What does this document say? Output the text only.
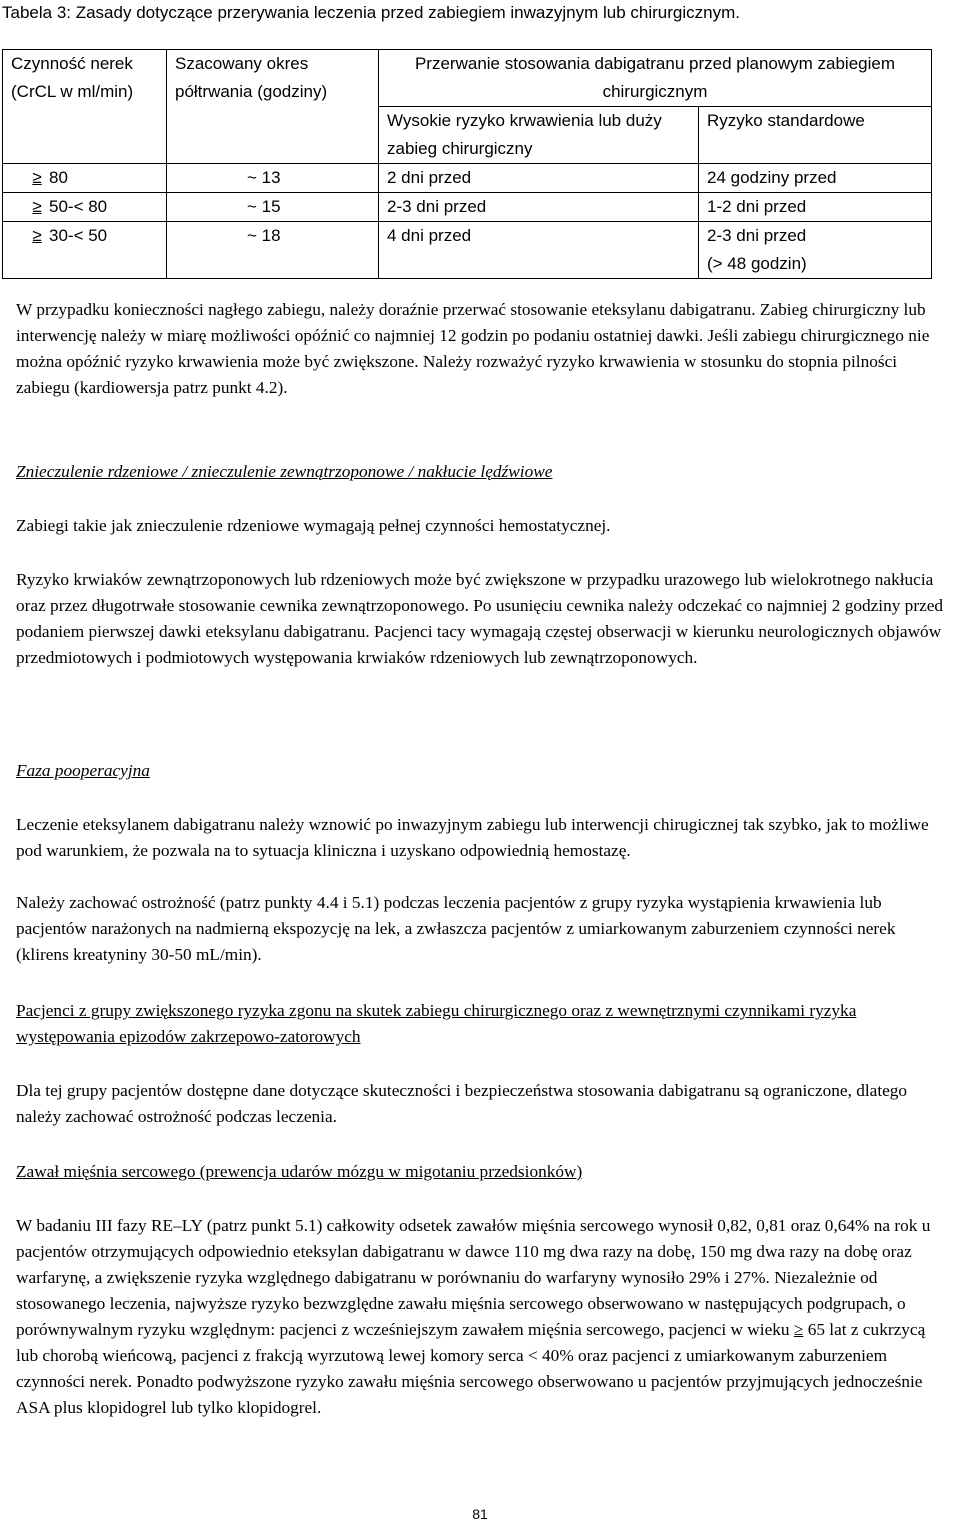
Tabela 3: Zasady dotyczące przerywania leczenia przed zabiegiem inwazyjnym lub chirurgicznym.
Czynność nerek (CrCL w ml/min)	Szacowany okres półtrwania (godziny)	Przerwanie stosowania dabigatranu przed planowym zabiegiem chirurgicznym	
		Wysokie ryzyko krwawienia lub duży zabieg chirurgiczny	Ryzyko standardowe
≥ 80	~ 13	2 dni przed	24 godziny przed
≥ 50-< 80	~ 15	2-3 dni przed	1-2 dni przed
≥ 30-< 50	~ 18	4 dni przed	2-3 dni przed
(> 48 godzin)
W przypadku konieczności nagłego zabiegu, należy doraźnie przerwać stosowanie eteksylanu dabigatranu. Zabieg chirurgiczny lub interwencję należy w miarę możliwości opóźnić co najmniej 12 godzin po podaniu ostatniej dawki. Jeśli zabiegu chirurgicznego nie można opóźnić ryzyko krwawienia może być zwiększone. Należy rozważyć ryzyko krwawienia w stosunku do stopnia pilności zabiegu (kardiowersja patrz punkt 4.2).
Znieczulenie rdzeniowe / znieczulenie zewnątrzoponowe / nakłucie lędźwiowe
Zabiegi takie jak znieczulenie rdzeniowe wymagają pełnej czynności hemostatycznej.
Ryzyko krwiaków zewnątrzoponowych lub rdzeniowych może być zwiększone w przypadku urazowego lub wielokrotnego nakłucia oraz przez długotrwałe stosowanie cewnika zewnątrzoponowego. Po usunięciu cewnika należy odczekać co najmniej 2 godziny przed podaniem pierwszej dawki eteksylanu dabigatranu. Pacjenci tacy wymagają częstej obserwacji w kierunku neurologicznych objawów przedmiotowych i podmiotowych występowania krwiaków rdzeniowych lub zewnątrzoponowych.
Faza pooperacyjna
Leczenie eteksylanem dabigatranu należy wznowić po inwazyjnym zabiegu lub interwencji chirugicznej tak szybko, jak to możliwe pod warunkiem, że pozwala na to sytuacja kliniczna i uzyskano odpowiednią hemostazę.
Należy zachować ostrożność (patrz punkty 4.4 i 5.1) podczas leczenia pacjentów z grupy ryzyka wystąpienia krwawienia lub pacjentów narażonych na nadmierną ekspozycję na lek, a zwłaszcza pacjentów z umiarkowanym zaburzeniem czynności nerek (klirens kreatyniny 30-50 mL/min).
Pacjenci z grupy zwiększonego ryzyka zgonu na skutek zabiegu chirurgicznego oraz z wewnętrznymi czynnikami ryzyka występowania epizodów zakrzepowo-zatorowych
Dla tej grupy pacjentów dostępne dane dotyczące skuteczności i bezpieczeństwa stosowania dabigatranu są ograniczone, dlatego należy zachować ostrożność podczas leczenia.
Zawał mięśnia sercowego (prewencja udarów mózgu w migotaniu przedsionków)
W badaniu III fazy RE–LY (patrz punkt 5.1) całkowity odsetek zawałów mięśnia sercowego wynosił 0,82, 0,81 oraz 0,64% na rok u pacjentów otrzymujących odpowiednio eteksylan dabigatranu w dawce 110 mg dwa razy na dobę, 150 mg dwa razy na dobę oraz warfarynę, a zwiększenie ryzyka względnego dabigatranu w porównaniu do warfaryny wynosiło 29% i 27%. Niezależnie od stosowanego leczenia, najwyższe ryzyko bezwzględne zawału mięśnia sercowego obserwowano w następujących podgrupach, o porównywalnym ryzyku względnym: pacjenci z wcześniejszym zawałem mięśnia sercowego, pacjenci w wieku ≥ 65 lat z cukrzycą lub chorobą wieńcową, pacjenci z frakcją wyrzutową lewej komory serca < 40% oraz pacjenci z umiarkowanym zaburzeniem czynności nerek. Ponadto podwyższone ryzyko zawału mięśnia sercowego obserwowano u pacjentów przyjmujących jednocześnie ASA plus klopidogrel lub tylko klopidogrel.
81
